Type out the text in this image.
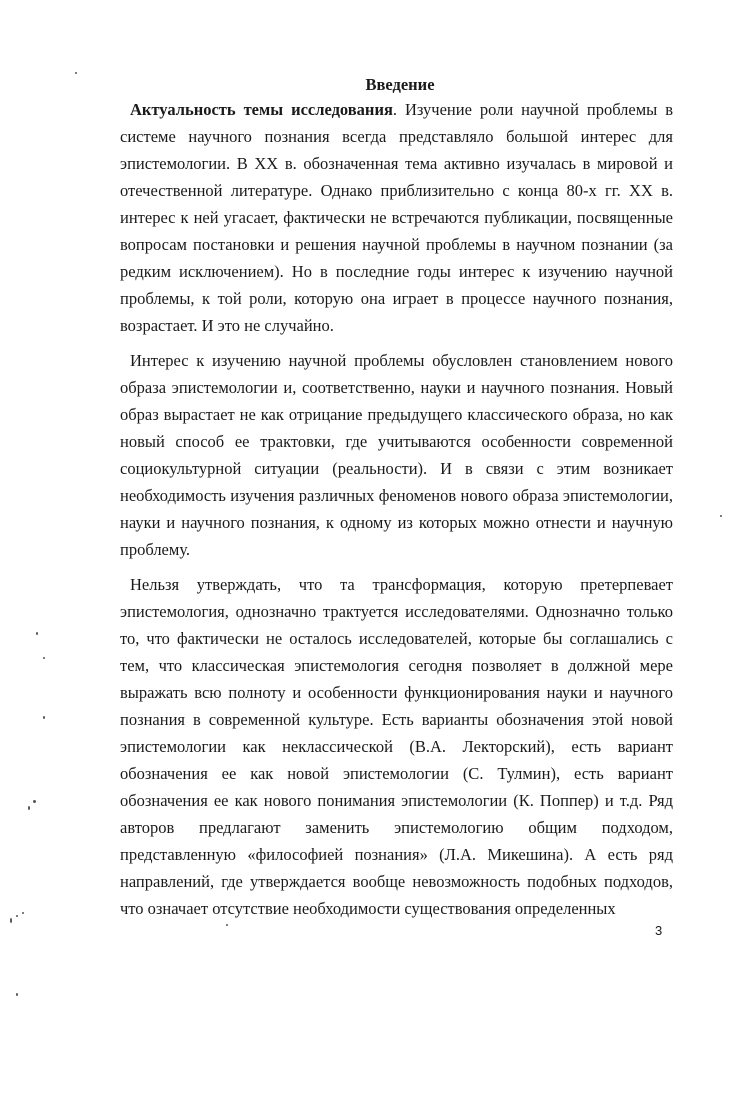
Введение

Актуальность темы исследования. Изучение роли научной проблемы в системе научного познания всегда представляло большой интерес для эпистемологии. В XX в. обозначенная тема активно изучалась в мировой и отечественной литературе. Однако приблизительно с конца 80-х гг. XX в. интерес к ней угасает, фактически не встречаются публикации, посвященные вопросам постановки и решения научной проблемы в научном познании (за редким исключением). Но в последние годы интерес к изучению научной проблемы, к той роли, которую она играет в процессе научного познания, возрастает. И это не случайно.

Интерес к изучению научной проблемы обусловлен становлением нового образа эпистемологии и, соответственно, науки и научного познания. Новый образ вырастает не как отрицание предыдущего классического образа, но как новый способ ее трактовки, где учитываются особенности современной социокультурной ситуации (реальности). И в связи с этим возникает необходимость изучения различных феноменов нового образа эпистемологии, науки и научного познания, к одному из которых можно отнести и научную проблему.

Нельзя утверждать, что та трансформация, которую претерпевает эпистемология, однозначно трактуется исследователями. Однозначно только то, что фактически не осталось исследователей, которые бы соглашались с тем, что классическая эпистемология сегодня позволяет в должной мере выражать всю полноту и особенности функционирования науки и научного познания в современной культуре. Есть варианты обозначения этой новой эпистемологии как неклассической (В.А. Лекторский), есть вариант обозначения ее как новой эпистемологии (С. Тулмин), есть вариант обозначения ее как нового понимания эпистемологии (К. Поппер) и т.д. Ряд авторов предлагают заменить эпистемологию общим подходом, представленную «философией познания» (Л.А. Микешина). А есть ряд направлений, где утверждается вообще невозможность подобных подходов, что означает отсутствие необходимости существования определенных

3
